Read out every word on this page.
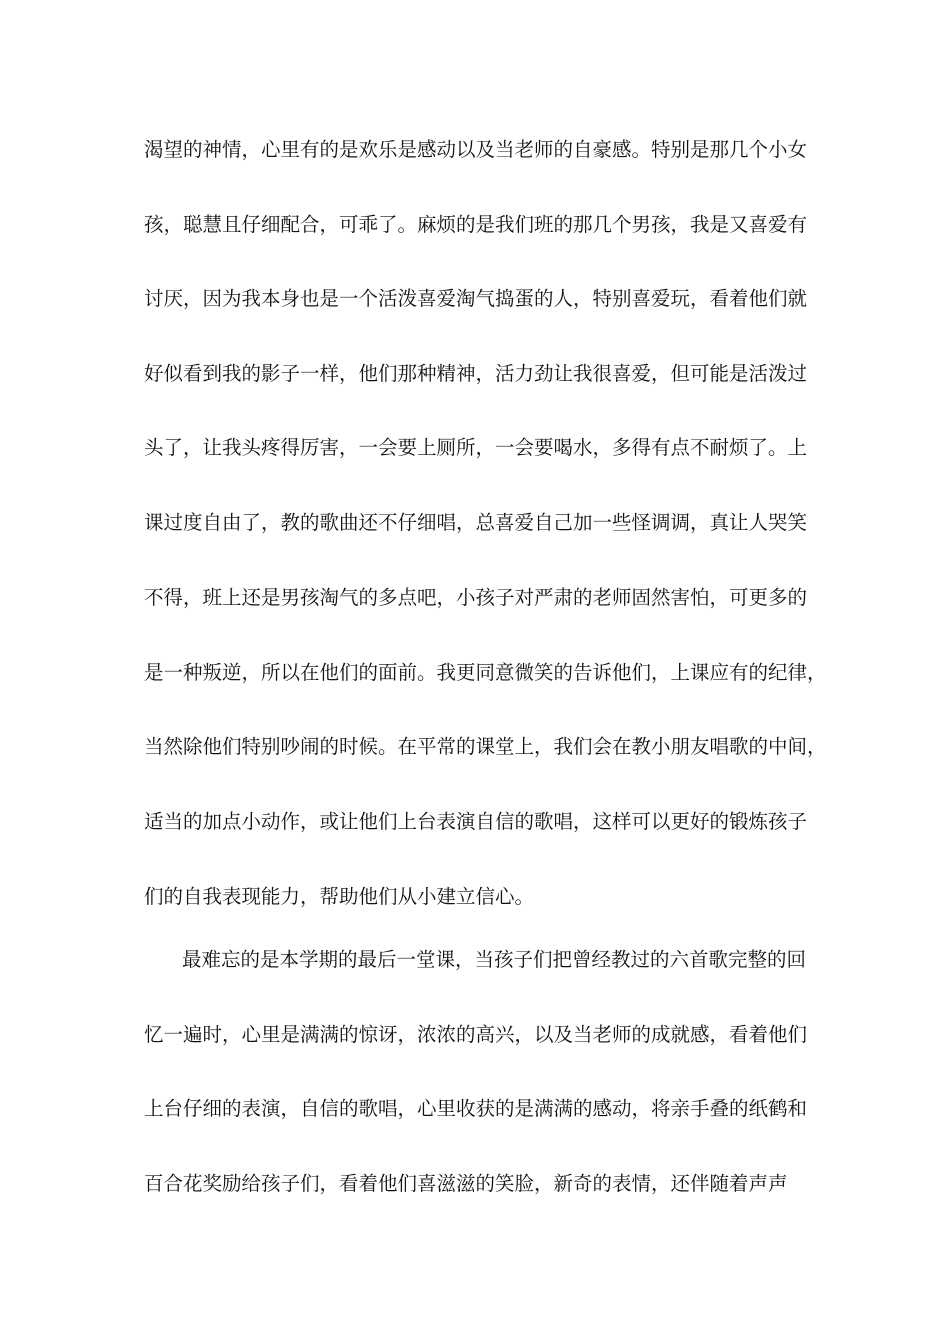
渴望的神情，心里有的是欢乐是感动以及当老师的自豪感。特别是那几个小女
孩，聪慧且仔细配合，可乖了。麻烦的是我们班的那几个男孩，我是又喜爱有
讨厌，因为我本身也是一个活泼喜爱淘气捣蛋的人，特别喜爱玩，看着他们就
好似看到我的影子一样，他们那种精神，活力劲让我很喜爱，但可能是活泼过
头了，让我头疼得厉害，一会要上厕所，一会要喝水，多得有点不耐烦了。上
课过度自由了，教的歌曲还不仔细唱，总喜爱自己加一些怪调调，真让人哭笑
不得，班上还是男孩淘气的多点吧，小孩子对严肃的老师固然害怕，可更多的
是一种叛逆，所以在他们的面前。我更同意微笑的告诉他们，上课应有的纪律，
当然除他们特别吵闹的时候。在平常的课堂上，我们会在教小朋友唱歌的中间，
适当的加点小动作，或让他们上台表演自信的歌唱，这样可以更好的锻炼孩子
们的自我表现能力，帮助他们从小建立信心。
最难忘的是本学期的最后一堂课，当孩子们把曾经教过的六首歌完整的回
忆一遍时，心里是满满的惊讶，浓浓的高兴，以及当老师的成就感，看着他们
上台仔细的表演，自信的歌唱，心里收获的是满满的感动，将亲手叠的纸鹤和
百合花奖励给孩子们，看着他们喜滋滋的笑脸，新奇的表情，还伴随着声声
